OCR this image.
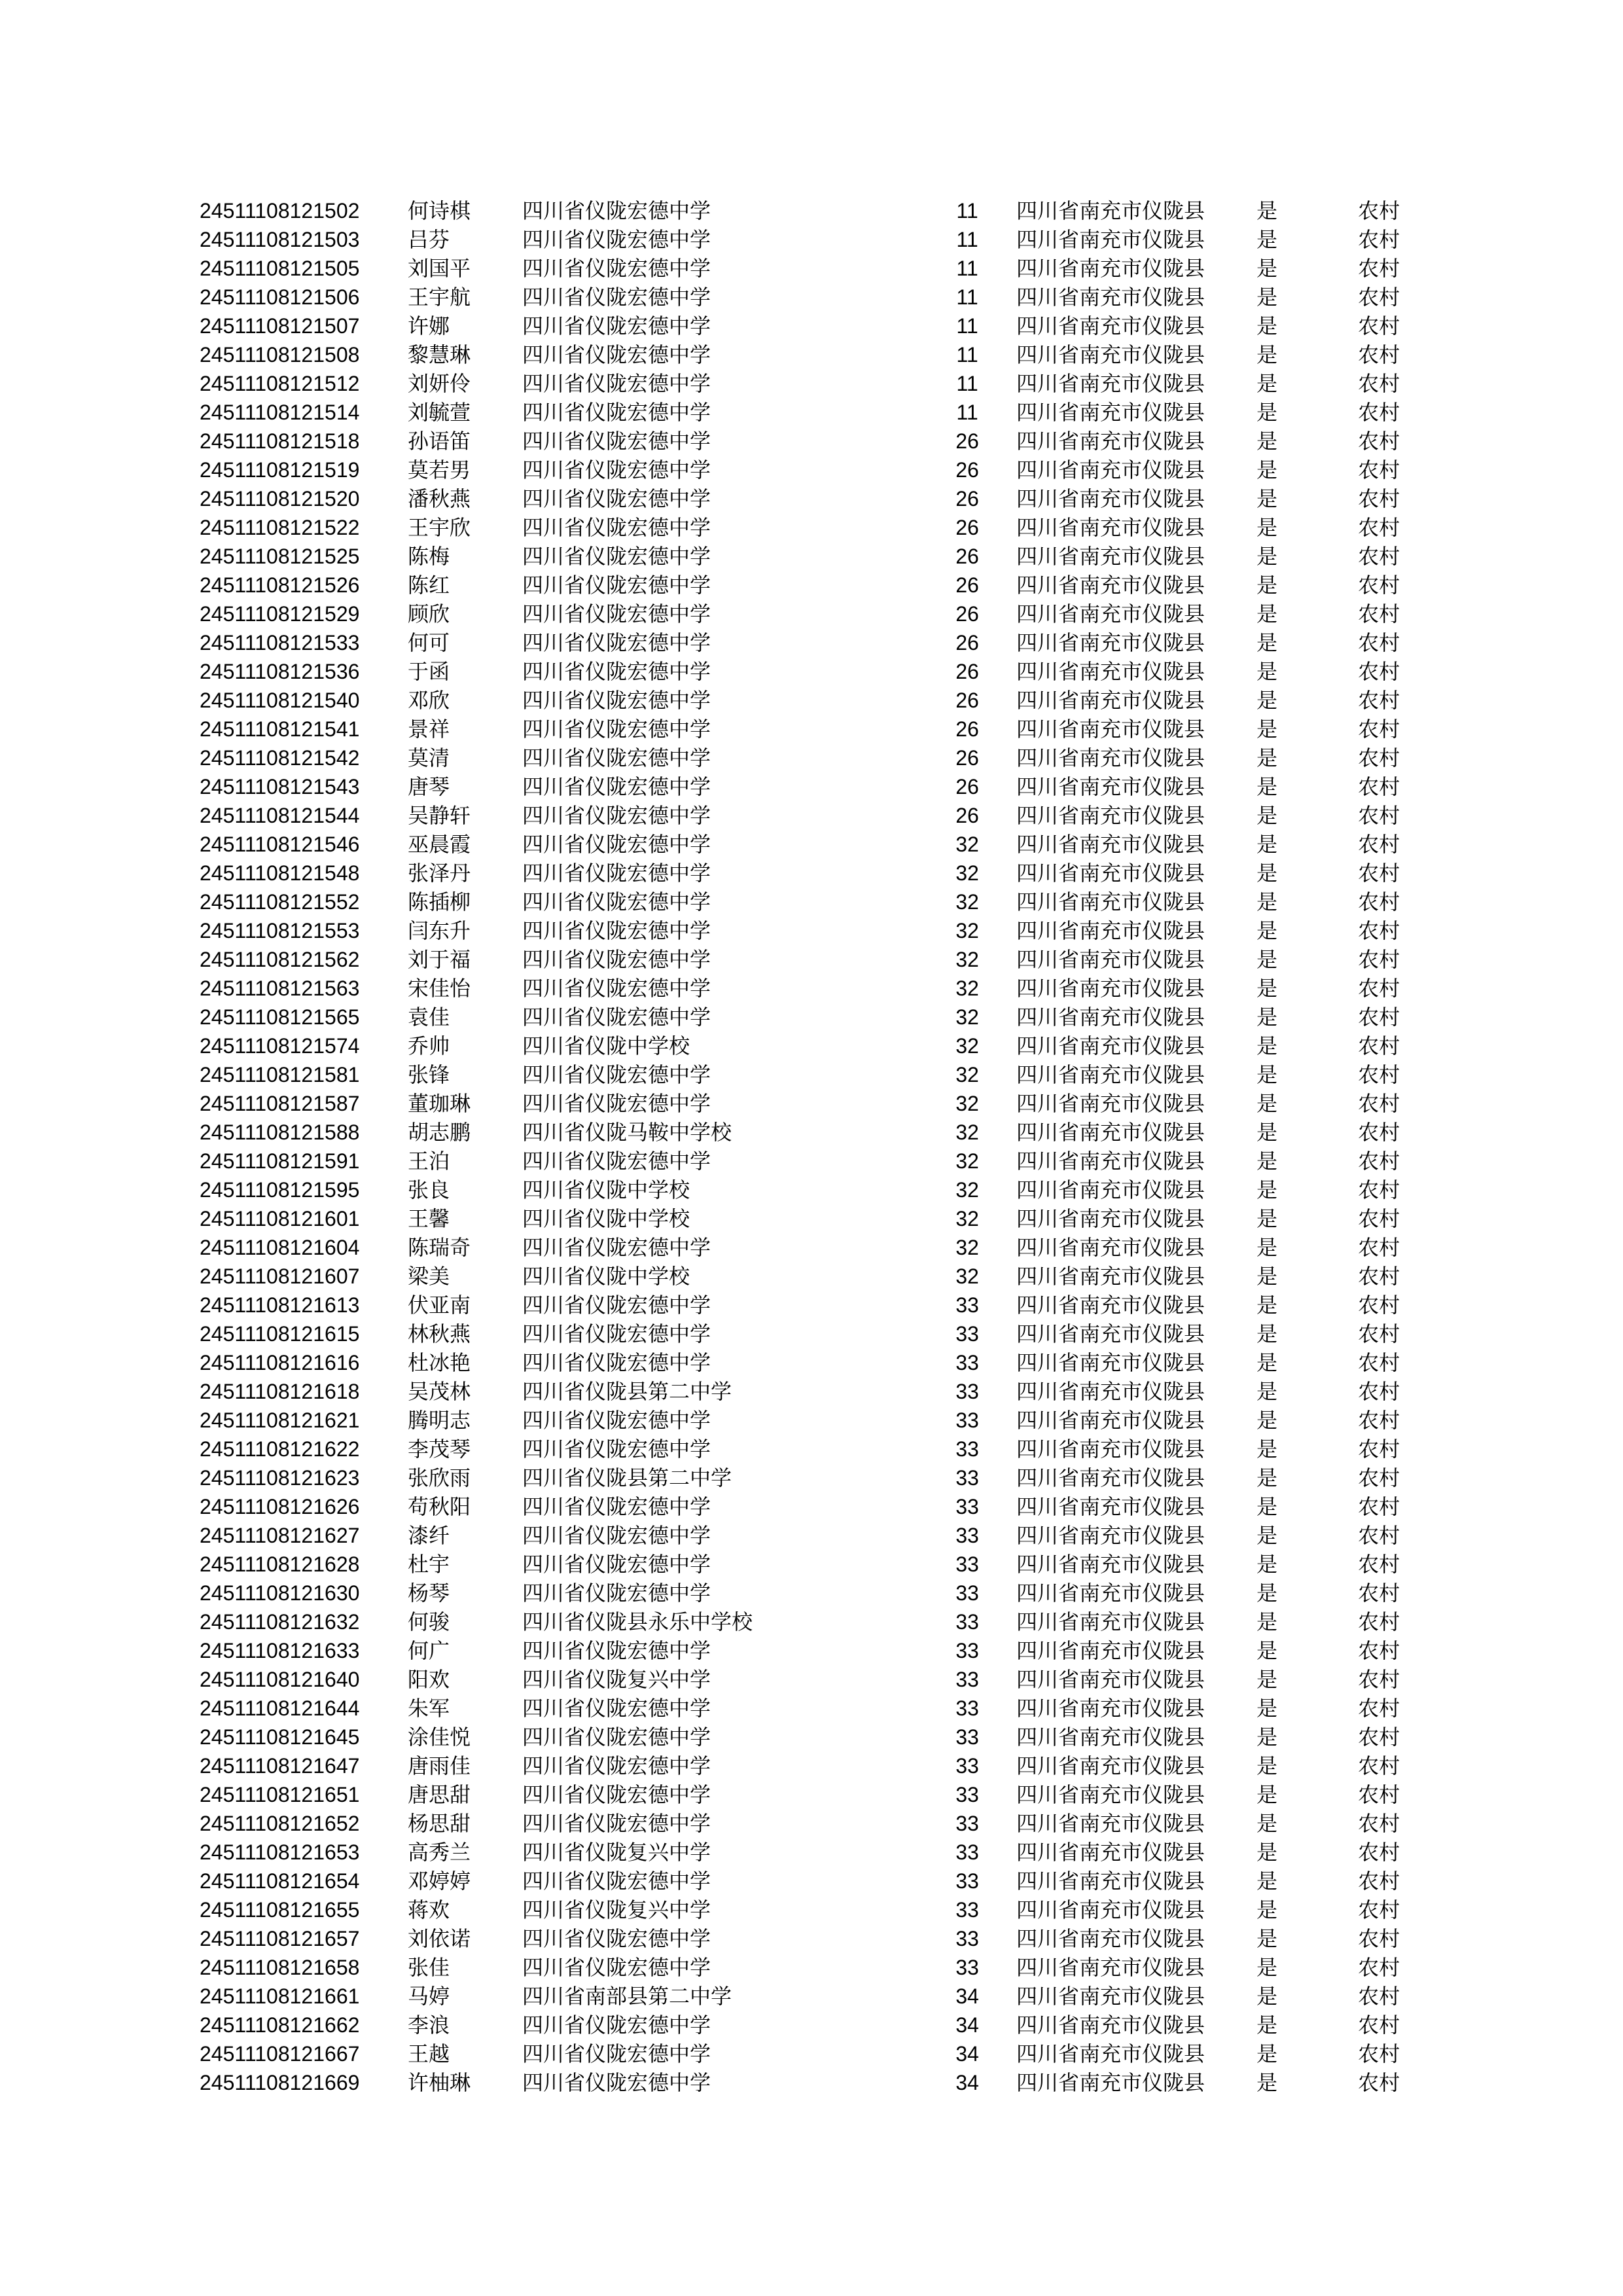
24511108121502 何诗棋 四川省仪陇宏德中学	11	四川省南充市仪陇县 是	农村
24511108121503 吕芬	四川省仪陇宏德中学	11	四川省南充市仪陇县 是	农村
24511108121505 刘国平 四川省仪陇宏德中学	11	四川省南充市仪陇县 是	农村
24511108121506 王宇航 四川省仪陇宏德中学	11	四川省南充市仪陇县 是	农村
24511108121507 许娜	四川省仪陇宏德中学	11	四川省南充市仪陇县 是	农村
24511108121508 黎慧琳 四川省仪陇宏德中学	11	四川省南充市仪陇县 是	农村
24511108121512 刘妍伶 四川省仪陇宏德中学	11	四川省南充市仪陇县 是	农村
24511108121514 刘毓萱 四川省仪陇宏德中学	11	四川省南充市仪陇县 是	农村
24511108121518 孙语笛 四川省仪陇宏德中学	26	四川省南充市仪陇县 是	农村
24511108121519 莫若男 四川省仪陇宏德中学	26	四川省南充市仪陇县 是	农村
24511108121520 潘秋燕 四川省仪陇宏德中学	26	四川省南充市仪陇县 是	农村
24511108121522 王宇欣 四川省仪陇宏德中学	26	四川省南充市仪陇县 是	农村
24511108121525 陈梅	四川省仪陇宏德中学	26	四川省南充市仪陇县 是	农村
24511108121526 陈红	四川省仪陇宏德中学	26	四川省南充市仪陇县 是	农村
24511108121529 顾欣	四川省仪陇宏德中学	26	四川省南充市仪陇县 是	农村
24511108121533 何可	四川省仪陇宏德中学	26	四川省南充市仪陇县 是	农村
24511108121536 于函	四川省仪陇宏德中学	26	四川省南充市仪陇县 是	农村
24511108121540 邓欣	四川省仪陇宏德中学	26	四川省南充市仪陇县 是	农村
24511108121541 景祥	四川省仪陇宏德中学	26	四川省南充市仪陇县 是	农村
24511108121542 莫清	四川省仪陇宏德中学	26	四川省南充市仪陇县 是	农村
24511108121543 唐琴	四川省仪陇宏德中学	26	四川省南充市仪陇县 是	农村
24511108121544 吴静轩 四川省仪陇宏德中学	26	四川省南充市仪陇县 是	农村
24511108121546 巫晨霞 四川省仪陇宏德中学	32	四川省南充市仪陇县 是	农村
24511108121548 张泽丹 四川省仪陇宏德中学	32	四川省南充市仪陇县 是	农村
24511108121552 陈插柳 四川省仪陇宏德中学	32	四川省南充市仪陇县 是	农村
24511108121553 闫东升 四川省仪陇宏德中学	32	四川省南充市仪陇县 是	农村
24511108121562 刘于福 四川省仪陇宏德中学	32	四川省南充市仪陇县 是	农村
24511108121563 宋佳怡 四川省仪陇宏德中学	32	四川省南充市仪陇县 是	农村
24511108121565 袁佳	四川省仪陇宏德中学	32	四川省南充市仪陇县 是	农村
24511108121574 乔帅	四川省仪陇中学校	32	四川省南充市仪陇县 是	农村
24511108121581 张锋	四川省仪陇宏德中学	32	四川省南充市仪陇县 是	农村
24511108121587 董珈琳 四川省仪陇宏德中学	32	四川省南充市仪陇县 是	农村
24511108121588 胡志鹏 四川省仪陇马鞍中学校	32	四川省南充市仪陇县 是	农村
24511108121591 王泊	四川省仪陇宏德中学	32	四川省南充市仪陇县 是	农村
24511108121595 张良	四川省仪陇中学校	32	四川省南充市仪陇县 是	农村
24511108121601 王馨	四川省仪陇中学校	32	四川省南充市仪陇县 是	农村
24511108121604 陈瑞奇 四川省仪陇宏德中学	32	四川省南充市仪陇县 是	农村
24511108121607 梁美	四川省仪陇中学校	32	四川省南充市仪陇县 是	农村
24511108121613 伏亚南 四川省仪陇宏德中学	33	四川省南充市仪陇县 是	农村
24511108121615 林秋燕 四川省仪陇宏德中学	33	四川省南充市仪陇县 是	农村
24511108121616 杜冰艳 四川省仪陇宏德中学	33	四川省南充市仪陇县 是	农村
24511108121618 吴茂林 四川省仪陇县第二中学	33	四川省南充市仪陇县 是	农村
24511108121621 腾明志 四川省仪陇宏德中学	33	四川省南充市仪陇县 是	农村
24511108121622 李茂琴 四川省仪陇宏德中学	33	四川省南充市仪陇县 是	农村
24511108121623 张欣雨 四川省仪陇县第二中学	33	四川省南充市仪陇县 是	农村
24511108121626 苟秋阳 四川省仪陇宏德中学	33	四川省南充市仪陇县 是	农村
24511108121627 漆纤	四川省仪陇宏德中学	33	四川省南充市仪陇县 是	农村
24511108121628 杜宇	四川省仪陇宏德中学	33	四川省南充市仪陇县 是	农村
24511108121630 杨琴	四川省仪陇宏德中学	33	四川省南充市仪陇县 是	农村
24511108121632 何骏	四川省仪陇县永乐中学校	33	四川省南充市仪陇县 是	农村
24511108121633 何广	四川省仪陇宏德中学	33	四川省南充市仪陇县 是	农村
24511108121640 阳欢	四川省仪陇复兴中学	33	四川省南充市仪陇县 是	农村
24511108121644 朱军	四川省仪陇宏德中学	33	四川省南充市仪陇县 是	农村
24511108121645 涂佳悦 四川省仪陇宏德中学	33	四川省南充市仪陇县 是	农村
24511108121647 唐雨佳 四川省仪陇宏德中学	33	四川省南充市仪陇县 是	农村
24511108121651 唐思甜 四川省仪陇宏德中学	33	四川省南充市仪陇县 是	农村
24511108121652 杨思甜 四川省仪陇宏德中学	33	四川省南充市仪陇县 是	农村
24511108121653 高秀兰 四川省仪陇复兴中学	33	四川省南充市仪陇县 是	农村
24511108121654 邓婷婷 四川省仪陇宏德中学	33	四川省南充市仪陇县 是	农村
24511108121655 蒋欢	四川省仪陇复兴中学	33	四川省南充市仪陇县 是	农村
24511108121657 刘依诺 四川省仪陇宏德中学	33	四川省南充市仪陇县 是	农村
24511108121658 张佳	四川省仪陇宏德中学	33	四川省南充市仪陇县 是	农村
24511108121661 马婷	四川省南部县第二中学	34	四川省南充市仪陇县 是	农村
24511108121662 李浪	四川省仪陇宏德中学	34	四川省南充市仪陇县 是	农村
24511108121667 王越	四川省仪陇宏德中学	34	四川省南充市仪陇县 是	农村
24511108121669 许柚琳 四川省仪陇宏德中学	34	四川省南充市仪陇县 是	农村
